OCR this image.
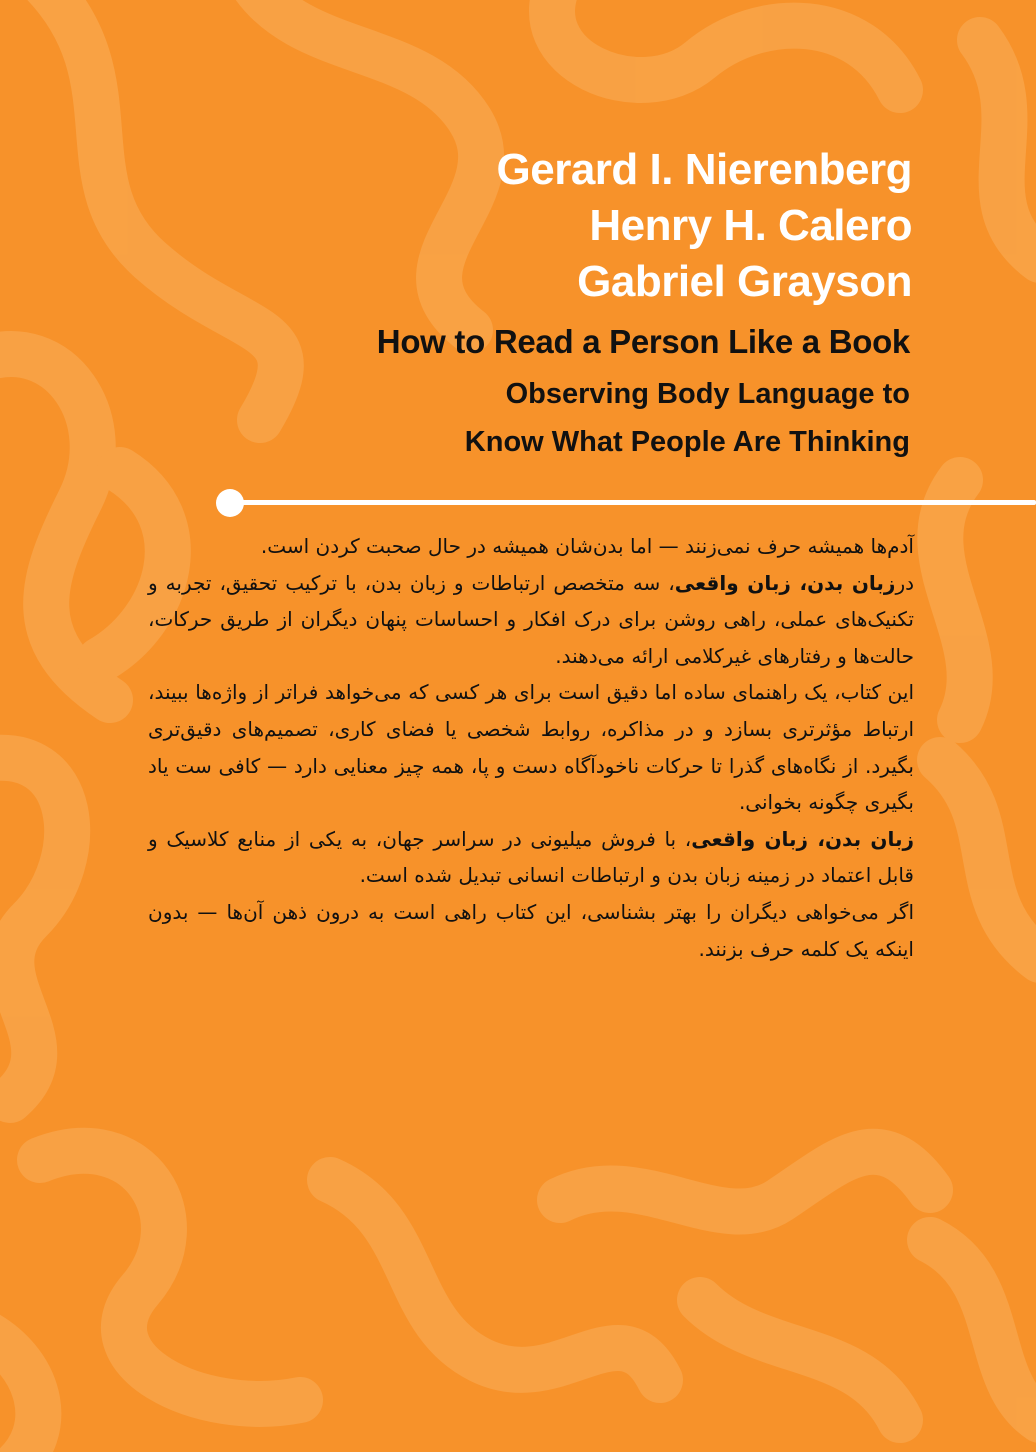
Gerard I. Nierenberg
Henry H. Calero
Gabriel Grayson
How to Read a Person Like a Book
Observing Body Language to
Know What People Are Thinking

آدم‌ها همیشه حرف نمی‌زنند — اما بدن‌شان همیشه در حال صحبت کردن است.

درزبان بدن، زبان واقعی، سه متخصص ارتباطات و زبان بدن، با ترکیب تحقیق، تجربه و تکنیک‌های عملی، راهی روشن برای درک افکار و احساسات پنهان دیگران از طریق حرکات، حالت‌ها و رفتارهای غیرکلامی ارائه می‌دهند.

این کتاب، یک راهنمای ساده اما دقیق است برای هر کسی که می‌خواهد فراتر از واژه‌ها ببیند، ارتباط مؤثرتری بسازد و در مذاکره، روابط شخصی یا فضای کاری، تصمیم‌های دقیق‌تری بگیرد. از نگاه‌های گذرا تا حرکات ناخودآگاه دست و پا، همه چیز معنایی دارد — کافی ست یاد بگیری چگونه بخوانی.

زبان بدن، زبان واقعی، با فروش میلیونی در سراسر جهان، به یکی از منابع کلاسیک و قابل اعتماد در زمینه زبان بدن و ارتباطات انسانی تبدیل شده است.

اگر می‌خواهی دیگران را بهتر بشناسی، این کتاب راهی است به درون ذهن آن‌ها — بدون اینکه یک کلمه حرف بزنند.
